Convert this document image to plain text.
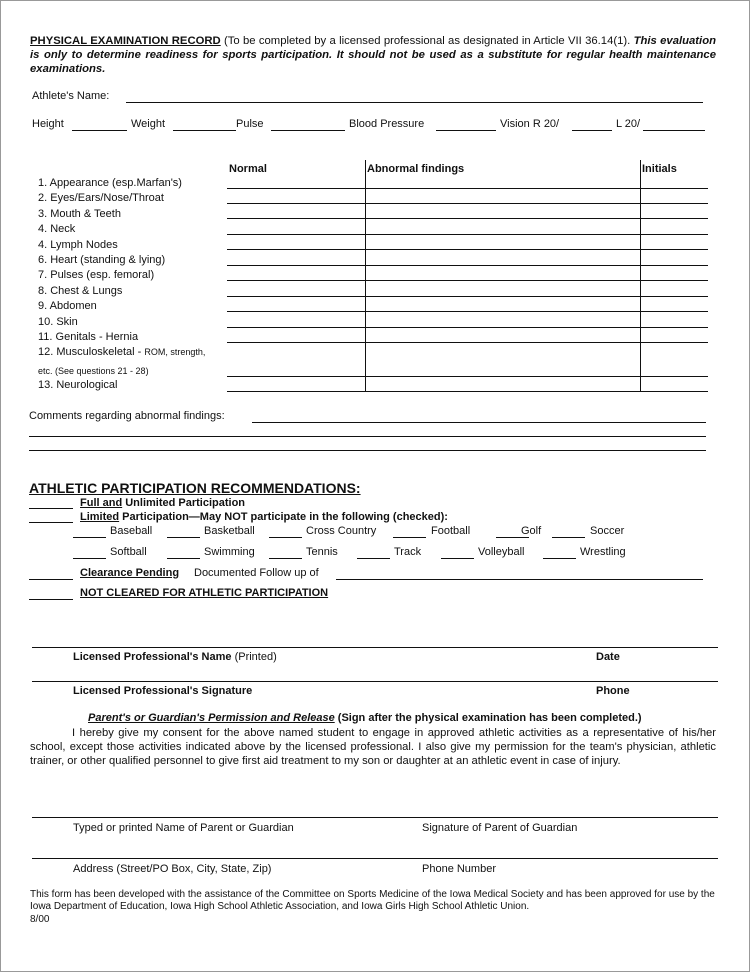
PHYSICAL EXAMINATION RECORD (To be completed by a licensed professional as designated in Article VII 36.14(1). This evaluation is only to determine readiness for sports participation. It should not be used as a substitute for regular health maintenance examinations.
Athlete's Name:
Height	Weight	Pulse	Blood Pressure	Vision R 20/	L 20/
Normal	Abnormal findings	Initials
1. Appearance (esp.Marfan's)
2. Eyes/Ears/Nose/Throat
3. Mouth & Teeth
4. Neck
4. Lymph Nodes
6. Heart (standing & lying)
7. Pulses (esp. femoral)
8. Chest & Lungs
9. Abdomen
10. Skin
11. Genitals - Hernia
12. Musculoskeletal - ROM, strength,
etc. (See questions 21 - 28)
13. Neurological
Comments regarding abnormal findings:
ATHLETIC PARTICIPATION RECOMMENDATIONS:
Full and Unlimited Participation
Limited Participation—May NOT participate in the following (checked):
Baseball	Basketball	Cross Country	Football	Golf	Soccer
Softball	Swimming	Tennis	Track	Volleyball	Wrestling
Clearance Pending Documented Follow up of
NOT CLEARED FOR ATHLETIC PARTICIPATION
Licensed Professional's Name (Printed)	Date
Licensed Professional's Signature	Phone
Parent's or Guardian's Permission and Release (Sign after the physical examination has been completed.)
I hereby give my consent for the above named student to engage in approved athletic activities as a representative of his/her school, except those activities indicated above by the licensed professional. I also give my permission for the team's physician, athletic trainer, or other qualified personnel to give first aid treatment to my son or daughter at an athletic event in case of injury.
Typed or printed Name of Parent or Guardian	Signature of Parent of Guardian
Address (Street/PO Box, City, State, Zip)	Phone Number
This form has been developed with the assistance of the Committee on Sports Medicine of the Iowa Medical Society and has been approved for use by the Iowa Department of Education, Iowa High School Athletic Association, and Iowa Girls High School Athletic Union.
8/00
